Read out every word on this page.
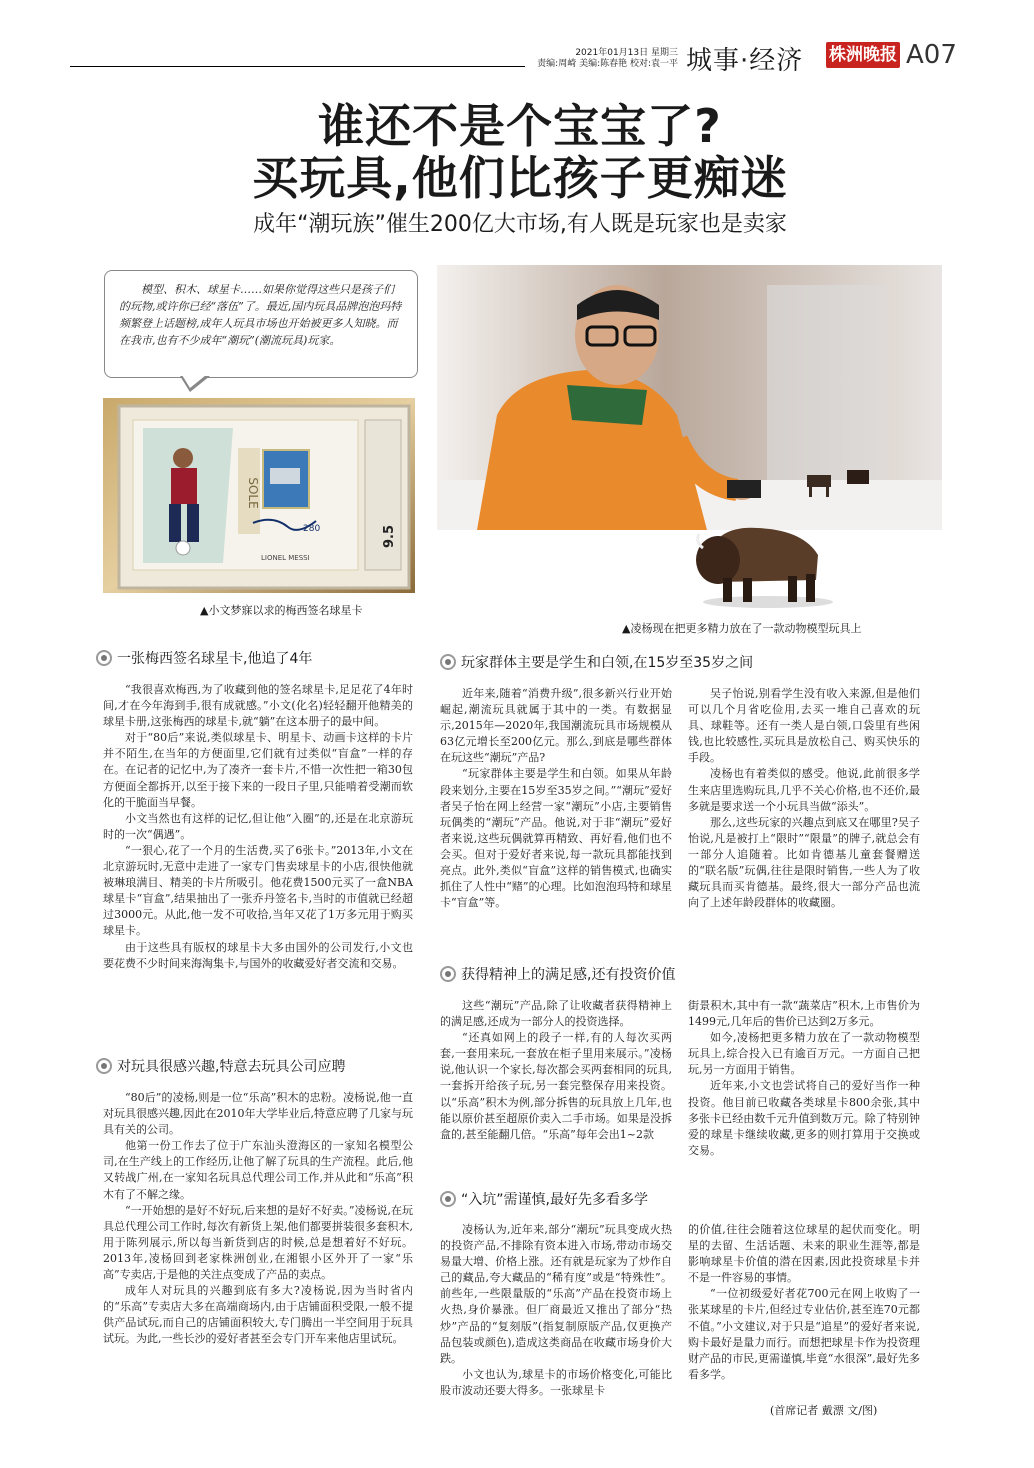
2021年01月13日 星期三
责编:周崎 美编:陈春艳 校对:袁一平 城事·经济 株洲晚报 A07
谁还不是个宝宝了?
买玩具,他们比孩子更痴迷
成年“潮玩族”催生200亿大市场,有人既是玩家也是卖家
模型、积木、球星卡……如果你觉得这些只是孩子们的玩物,或许你已经“落伍”了。最近,国内玩具品牌泡泡玛特频繁登上话题榜,成年人玩具市场也开始被更多人知晓。而在我市,也有不少成年“潮玩”(潮流玩具)玩家。
SOLE
280
LIONEL MESSI
9.5
▲小文梦寐以求的梅西签名球星卡
▲凌杨现在把更多精力放在了一款动物模型玩具上
一张梅西签名球星卡,他追了4年
对玩具很感兴趣,特意去玩具公司应聘
玩家群体主要是学生和白领,在15岁至35岁之间
获得精神上的满足感,还有投资价值
“入坑”需谨慎,最好先多看多学

“我很喜欢梅西,为了收藏到他的签名球星卡,足足花了4年时间,才在今年海到手,很有成就感。”小文(化名)轻轻翻开他精美的球星卡册,这张梅西的球星卡,就“躺”在这本册子的最中间。

对于“80后”来说,类似球星卡、明星卡、动画卡这样的卡片并不陌生,在当年的方便面里,它们就有过类似“盲盒”一样的存在。在记者的记忆中,为了凑齐一套卡片,不惜一次性把一箱30包方便面全都拆开,以至于接下来的一段日子里,只能啃着受潮而软化的干脆面当早餐。

小文当然也有这样的记忆,但让他“入圈”的,还是在北京游玩时的一次“偶遇”。

“一狠心,花了一个月的生活费,买了6张卡。”2013年,小文在北京游玩时,无意中走进了一家专门售卖球星卡的小店,很快他就被琳琅满目、精美的卡片所吸引。他花费1500元买了一盒NBA球星卡“盲盒”,结果抽出了一张乔丹签名卡,当时的市值就已经超过3000元。从此,他一发不可收拾,当年又花了1万多元用于购买球星卡。

由于这些具有版权的球星卡大多由国外的公司发行,小文也要花费不少时间来海淘集卡,与国外的收藏爱好者交流和交易。

“80后”的凌杨,则是一位“乐高”积木的忠粉。凌杨说,他一直对玩具很感兴趣,因此在2010年大学毕业后,特意应聘了几家与玩具有关的公司。

他第一份工作去了位于广东汕头澄海区的一家知名模型公司,在生产线上的工作经历,让他了解了玩具的生产流程。此后,他又转战广州,在一家知名玩具总代理公司工作,并从此和“乐高”积木有了不解之缘。

“一开始想的是好不好玩,后来想的是好不好卖。”凌杨说,在玩具总代理公司工作时,每次有新货上架,他们都要拼装很多套积木,用于陈列展示,所以每当新货到店的时候,总是想着好不好玩。2013年,凌杨回到老家株洲创业,在湘银小区外开了一家“乐高”专卖店,于是他的关注点变成了产品的卖点。

成年人对玩具的兴趣到底有多大?凌杨说,因为当时省内的“乐高”专卖店大多在高端商场内,由于店铺面积受限,一般不提供产品试玩,而自己的店铺面积较大,专门腾出一半空间用于玩具试玩。为此,一些长沙的爱好者甚至会专门开车来他店里试玩。

近年来,随着“消费升级”,很多新兴行业开始崛起,潮流玩具就属于其中的一类。有数据显示,2015年—2020年,我国潮流玩具市场规模从63亿元增长至200亿元。那么,到底是哪些群体在玩这些“潮玩”产品?

“玩家群体主要是学生和白领。如果从年龄段来划分,主要在15岁至35岁之间。”“潮玩”爱好者吴子怡在网上经营一家“潮玩”小店,主要销售玩偶类的“潮玩”产品。他说,对于非“潮玩”爱好者来说,这些玩偶就算再精致、再好看,他们也不会买。但对于爱好者来说,每一款玩具都能找到亮点。此外,类似“盲盒”这样的销售模式,也确实抓住了人性中“赌”的心理。比如泡泡玛特和球星卡“盲盒”等。

吴子怡说,别看学生没有收入来源,但是他们可以几个月省吃俭用,去买一堆自己喜欢的玩具、球鞋等。还有一类人是白领,口袋里有些闲钱,也比较感性,买玩具是放松自己、购买快乐的手段。

凌杨也有着类似的感受。他说,此前很多学生来店里选购玩具,几乎不关心价格,也不还价,最多就是要求送一个小玩具当做“添头”。

那么,这些玩家的兴趣点到底又在哪里?吴子怡说,凡是被打上“限时”“限量”的牌子,就总会有一部分人追随着。比如肯德基儿童套餐赠送的“联名版”玩偶,往往是限时销售,一些人为了收藏玩具而买肯德基。最终,很大一部分产品也流向了上述年龄段群体的收藏圈。

这些“潮玩”产品,除了让收藏者获得精神上的满足感,还成为一部分人的投资选择。

“还真如网上的段子一样,有的人每次买两套,一套用来玩,一套放在柜子里用来展示。”凌杨说,他认识一个家长,每次都会买两套相同的玩具,一套拆开给孩子玩,另一套完整保存用来投资。以“乐高”积木为例,部分拆售的玩具放上几年,也能以原价甚至超原价卖入二手市场。如果是没拆盒的,甚至能翻几倍。“乐高”每年会出1~2款

街景积木,其中有一款“蔬菜店”积木,上市售价为1499元,几年后的售价已达到2万多元。

如今,凌杨把更多精力放在了一款动物模型玩具上,综合投入已有逾百万元。一方面自己把玩,另一方面用于销售。

近年来,小文也尝试将自己的爱好当作一种投资。他目前已收藏各类球星卡800余张,其中多张卡已经由数千元升值到数万元。除了特别钟爱的球星卡继续收藏,更多的则打算用于交换或交易。

凌杨认为,近年来,部分“潮玩”玩具变成火热的投资产品,不排除有资本进入市场,带动市场交易量大增、价格上涨。还有就是玩家为了炒作自己的藏品,夸大藏品的“稀有度”或是“特殊性”。前些年,一些限量版的“乐高”产品在投资市场上火热,身价暴涨。但厂商最近又推出了部分“热炒”产品的“复刻版”(指复制原版产品,仅更换产品包装或颜色),造成这类商品在收藏市场身价大跌。

小文也认为,球星卡的市场价格变化,可能比股市波动还要大得多。一张球星卡

的价值,往往会随着这位球星的起伏而变化。明星的去留、生活话题、未来的职业生涯等,都是影响球星卡价值的潜在因素,因此投资球星卡并不是一件容易的事情。

“一位初级爱好者花700元在网上收购了一张某球星的卡片,但经过专业估价,甚至连70元都不值。”小文建议,对于只是“追星”的爱好者来说,购卡最好是量力而行。而想把球星卡作为投资理财产品的市民,更需谨慎,毕竟“水很深”,最好先多看多学。

(首席记者 戴漂 文/图)
